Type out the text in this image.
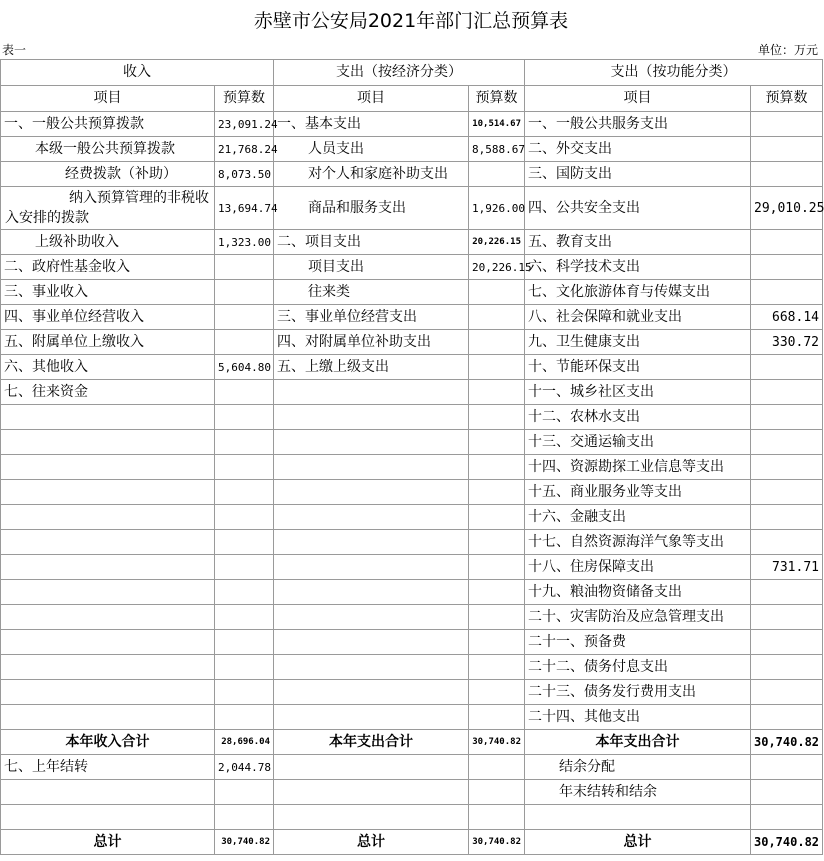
赤壁市公安局2021年部门汇总预算表
表一	单位：万元
收入		支出（按经济分类）		支出（按功能分类）	
项目	预算数	项目	预算数	项目	预算数
一、一般公共预算拨款	23,091.24	一、基本支出	10,514.67	一、一般公共服务支出	
本级一般公共预算拨款	21,768.24	人员支出	8,588.67	二、外交支出	
经费拨款（补助）	8,073.50	对个人和家庭补助支出		三、国防支出	
纳入预算管理的非税收入安排的拨款	13,694.74	商品和服务支出	1,926.00	四、公共安全支出	29,010.25
上级补助收入	1,323.00	二、项目支出	20,226.15	五、教育支出	
二、政府性基金收入		项目支出	20,226.15	六、科学技术支出	
三、事业收入		往来类		七、文化旅游体育与传媒支出	
四、事业单位经营收入		三、事业单位经营支出		八、社会保障和就业支出	668.14
五、附属单位上缴收入		四、对附属单位补助支出		九、卫生健康支出	330.72
六、其他收入	5,604.80	五、上缴上级支出		十、节能环保支出	
七、往来资金				十一、城乡社区支出	
				十二、农林水支出	
				十三、交通运输支出	
				十四、资源勘探工业信息等支出	
				十五、商业服务业等支出	
				十六、金融支出	
				十七、自然资源海洋气象等支出	
				十八、住房保障支出	731.71
				十九、粮油物资储备支出	
				二十、灾害防治及应急管理支出	
				二十一、预备费	
				二十二、债务付息支出	
				二十三、债务发行费用支出	
				二十四、其他支出	
本年收入合计	28,696.04	本年支出合计	30,740.82	本年支出合计	30,740.82
七、上年结转	2,044.78			结余分配	
				年末结转和结余	

总计	30,740.82	总计	30,740.82	总计	30,740.82
